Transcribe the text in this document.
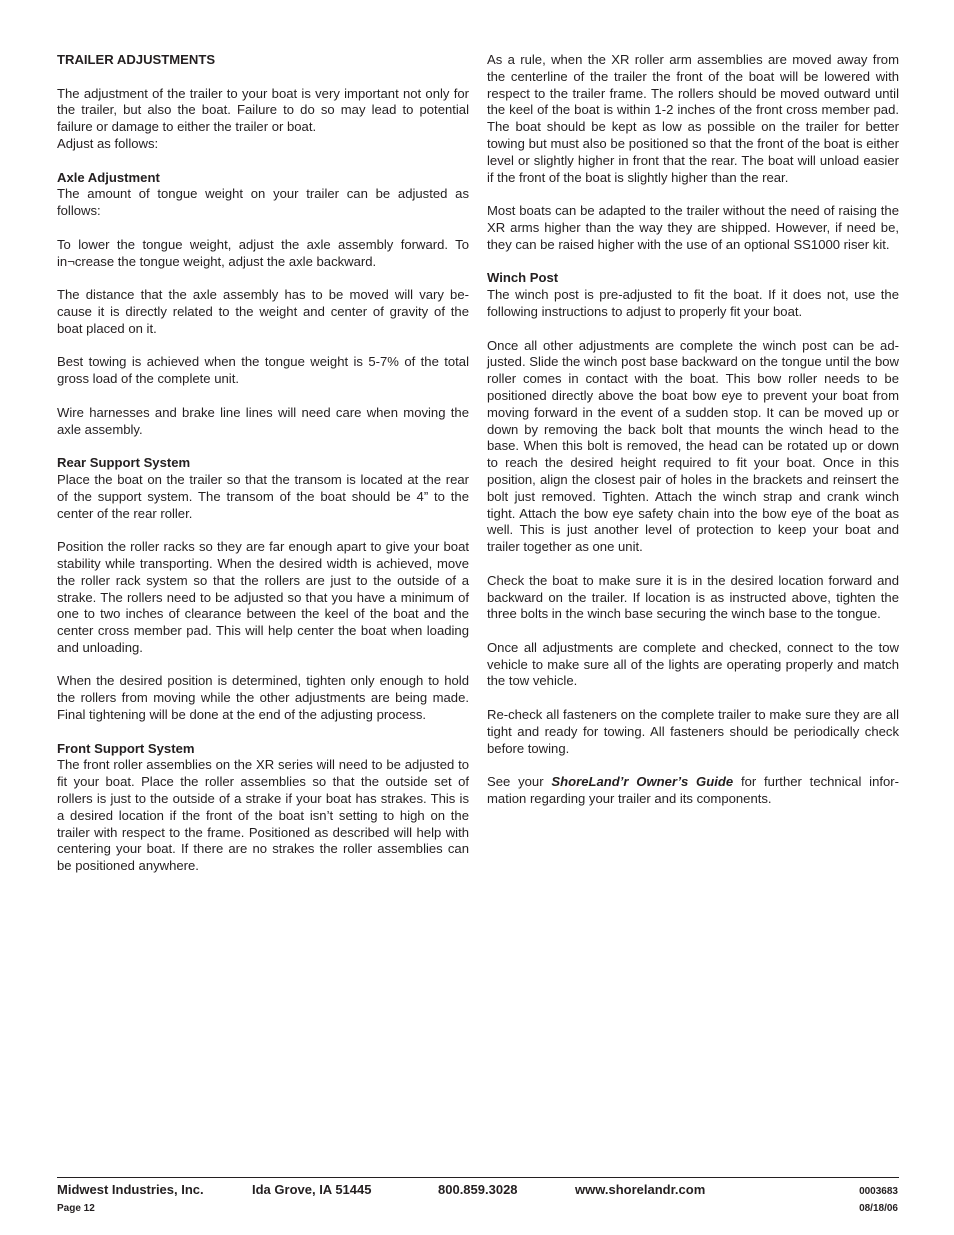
TRAILER ADJUSTMENTS

The adjustment of the trailer to your boat is very important not only for the trailer, but also the boat. Failure to do so may lead to potential failure or damage to either the trailer or boat.

Adjust as follows:

Axle Adjustment

The amount of tongue weight on your trailer can be adjusted as follows:

To lower the tongue weight, adjust the axle assembly forward. To in¬crease the tongue weight, adjust the axle backward.

The distance that the axle assembly has to be moved will vary because it is directly related to the weight and center of gravity of the boat placed on it.

Best towing is achieved when the tongue weight is 5-7% of the total gross load of the complete unit.

Wire harnesses and brake line lines will need care when moving the axle assembly.

Rear Support System

Place the boat on the trailer so that the transom is located at the rear of the support system. The transom of the boat should be 4” to the center of the rear roller.

Position the roller racks so they are far enough apart to give your boat stability while transporting. When the desired width is achieved, move the roller rack system so that the rollers are just to the outside of a strake. The rollers need to be adjusted so that you have a minimum of one to two inches of clearance between the keel of the boat and the center cross member pad. This will help center the boat when loading and unloading.

When the desired position is determined, tighten only enough to hold the rollers from moving while the other adjustments are being made. Final tightening will be done at the end of the adjusting process.

Front Support System

The front roller assemblies on the XR series will need to be adjusted to fit your boat. Place the roller assemblies so that the outside set of rollers is just to the outside of a strake if your boat has strakes. This is a desired location if the front of the boat isn’t setting to high on the trailer with respect to the frame. Positioned as described will help with centering your boat. If there are no strakes the roller assemblies can be positioned anywhere.

As a rule, when the XR roller arm assemblies are moved away from the centerline of the trailer the front of the boat will be lowered with respect to the trailer frame. The rollers should be moved outward until the keel of the boat is within 1-2 inches of the front cross member pad. The boat should be kept as low as possible on the trailer for better towing but must also be positioned so that the front of the boat is either level or slightly higher in front that the rear. The boat will unload easier if the front of the boat is slightly higher than the rear.

Most boats can be adapted to the trailer without the need of raising the XR arms higher than the way they are shipped. However, if need be, they can be raised higher with the use of an optional SS1000 riser kit.

Winch Post

The winch post is pre-adjusted to fit the boat. If it does not, use the following instructions to adjust to properly fit your boat.

Once all other adjustments are complete the winch post can be adjusted. Slide the winch post base backward on the tongue until the bow roller comes in contact with the boat. This bow roller needs to be positioned directly above the boat bow eye to prevent your boat from moving forward in the event of a sudden stop. It can be moved up or down by removing the back bolt that mounts the winch head to the base. When this bolt is removed, the head can be rotated up or down to reach the desired height required to fit your boat. Once in this position, align the closest pair of holes in the brackets and reinsert the bolt just removed. Tighten. Attach the winch strap and crank winch tight. Attach the bow eye safety chain into the bow eye of the boat as well. This is just another level of protection to keep your boat and trailer together as one unit.

Check the boat to make sure it is in the desired location forward and backward on the trailer. If location is as instructed above, tighten the three bolts in the winch base securing the winch base to the tongue.

Once all adjustments are complete and checked, connect to the tow vehicle to make sure all of the lights are operating properly and match the tow vehicle.

Re-check all fasteners on the complete trailer to make sure they are all tight and ready for towing. All fasteners should be periodically check before towing.

See your ShoreLand’r Owner’s Guide for further technical information regarding your trailer and its components.

Midwest Industries, Inc.	Ida Grove, IA 51445	800.859.3028	www.shorelandr.com	0003683
Page 12	08/18/06
